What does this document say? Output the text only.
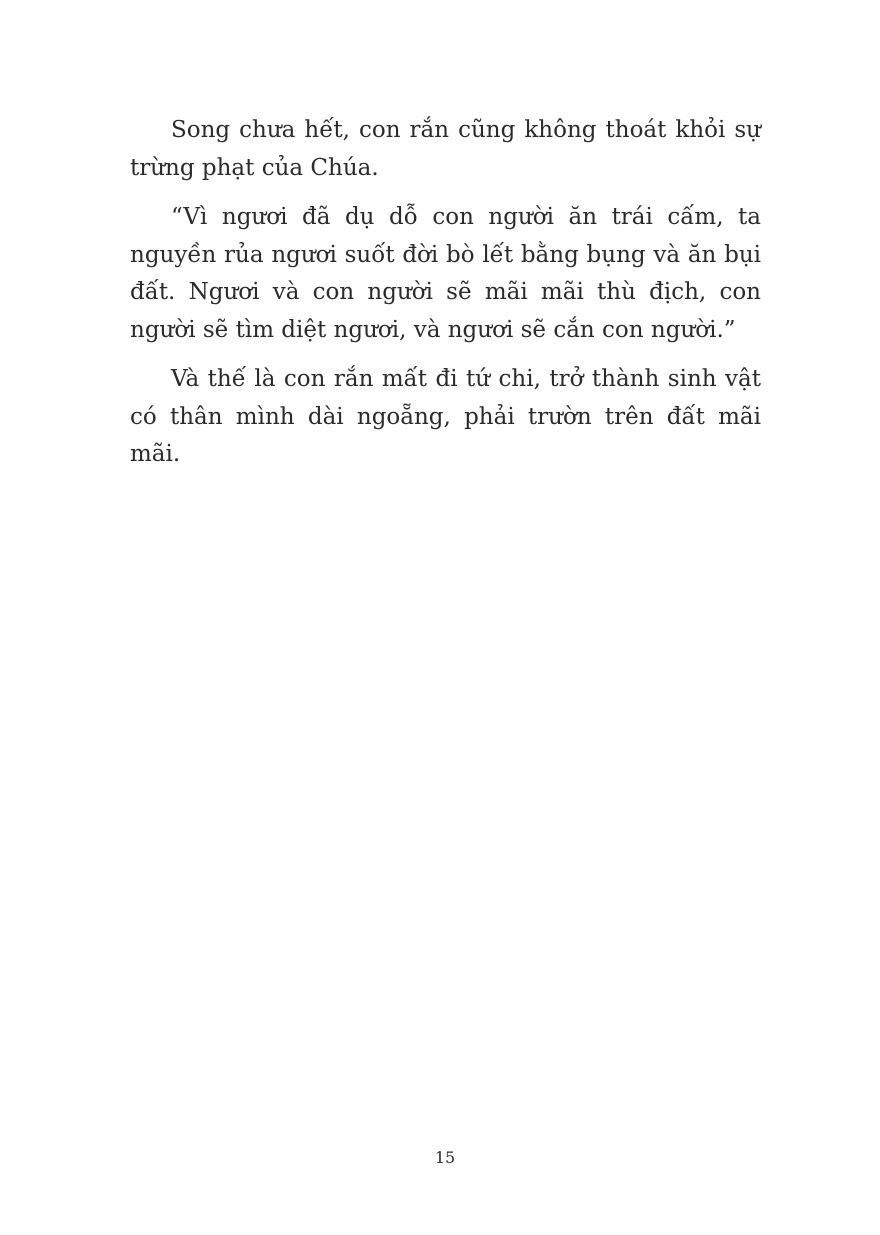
Song chưa hết, con rắn cũng không thoát khỏi sự trừng phạt của Chúa.

“Vì ngươi đã dụ dỗ con người ăn trái cấm, ta nguyền rủa ngươi suốt đời bò lết bằng bụng và ăn bụi đất. Ngươi và con người sẽ mãi mãi thù địch, con người sẽ tìm diệt ngươi, và ngươi sẽ cắn con người.”

Và thế là con rắn mất đi tứ chi, trở thành sinh vật có thân mình dài ngoẵng, phải trườn trên đất mãi mãi.

15
